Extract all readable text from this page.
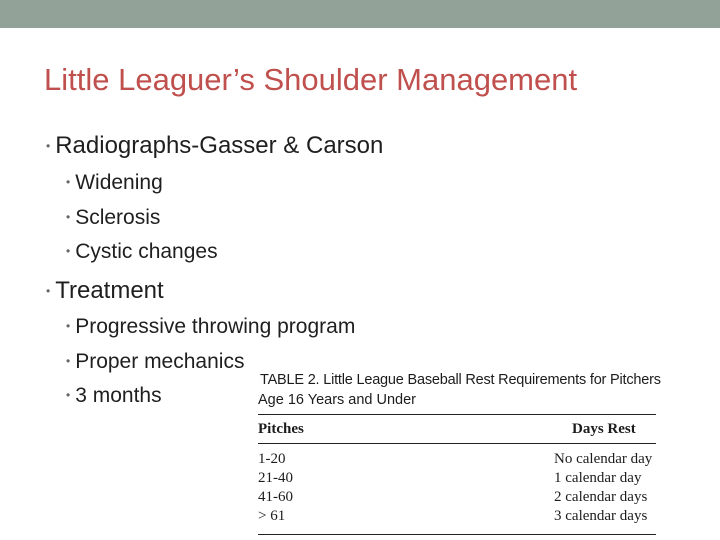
Little Leaguer’s Shoulder Management
• Radiographs-Gasser & Carson
• Widening
• Sclerosis
• Cystic changes
• Treatment
• Progressive throwing program
• Proper mechanics
• 3 months
TABLE 2. Little League Baseball Rest Requirements for Pitchers
Age 16 Years and Under
Pitches	Days Rest
1-20	No calendar day
21-40	1 calendar day
41-60	2 calendar days
> 61	3 calendar days
